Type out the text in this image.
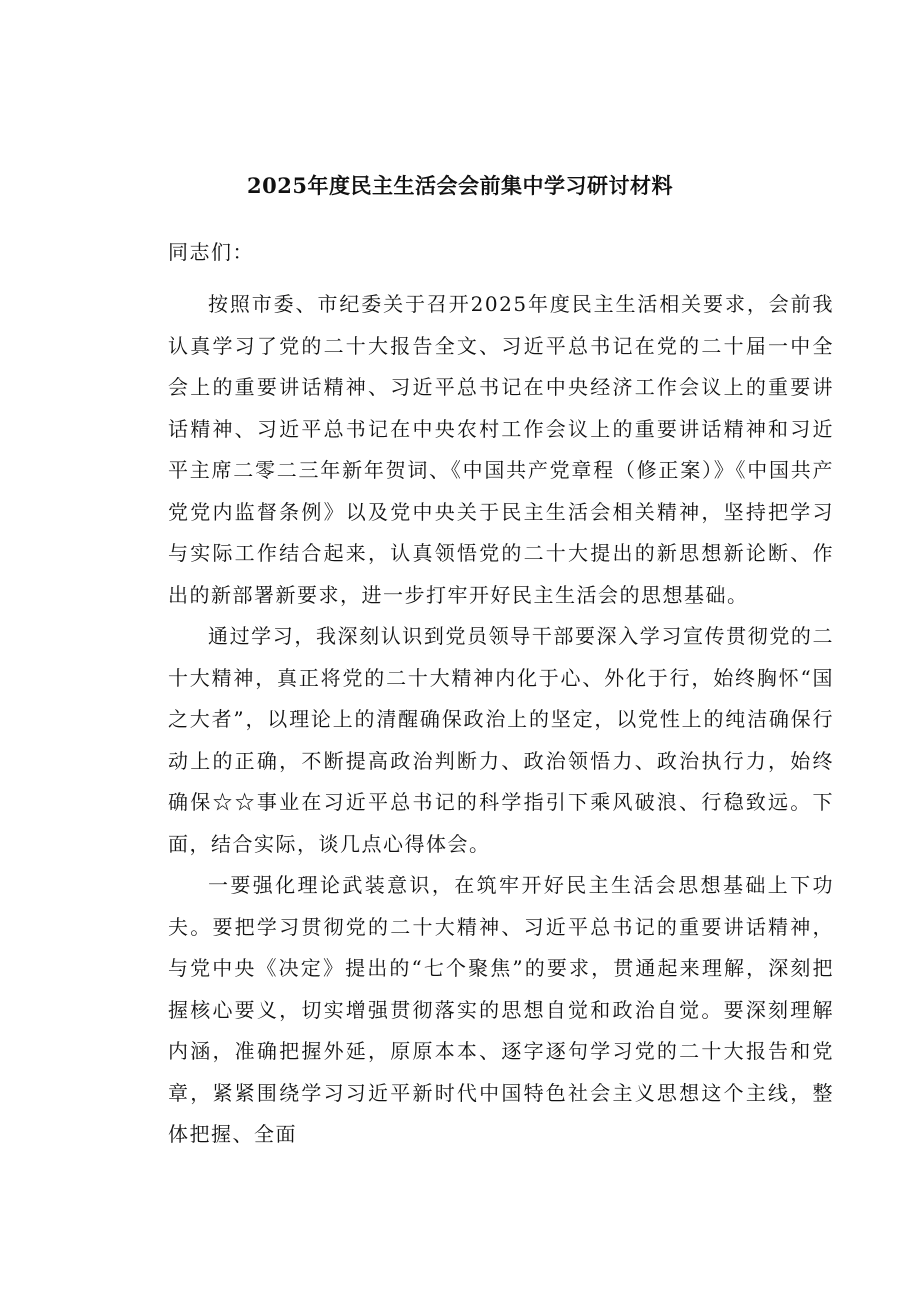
2025年度民主生活会会前集中学习研讨材料

同志们：

按照市委、市纪委关于召开2025年度民主生活相关要求，会前我认真学习了党的二十大报告全文、习近平总书记在党的二十届一中全会上的重要讲话精神、习近平总书记在中央经济工作会议上的重要讲话精神、习近平总书记在中央农村工作会议上的重要讲话精神和习近平主席二零二三年新年贺词、《中国共产党章程（修正案）》《中国共产党党内监督条例》以及党中央关于民主生活会相关精神，坚持把学习与实际工作结合起来，认真领悟党的二十大提出的新思想新论断、作出的新部署新要求，进一步打牢开好民主生活会的思想基础。

通过学习，我深刻认识到党员领导干部要深入学习宣传贯彻党的二十大精神，真正将党的二十大精神内化于心、外化于行，始终胸怀“国之大者”，以理论上的清醒确保政治上的坚定，以党性上的纯洁确保行动上的正确，不断提高政治判断力、政治领悟力、政治执行力，始终确保☆☆事业在习近平总书记的科学指引下乘风破浪、行稳致远。下面，结合实际，谈几点心得体会。

一要强化理论武装意识，在筑牢开好民主生活会思想基础上下功夫。要把学习贯彻党的二十大精神、习近平总书记的重要讲话精神，与党中央《决定》提出的“七个聚焦”的要求，贯通起来理解，深刻把握核心要义，切实增强贯彻落实的思想自觉和政治自觉。要深刻理解内涵，准确把握外延，原原本本、逐字逐句学习党的二十大报告和党章，紧紧围绕学习习近平新时代中国特色社会主义思想这个主线，整体把握、全面
